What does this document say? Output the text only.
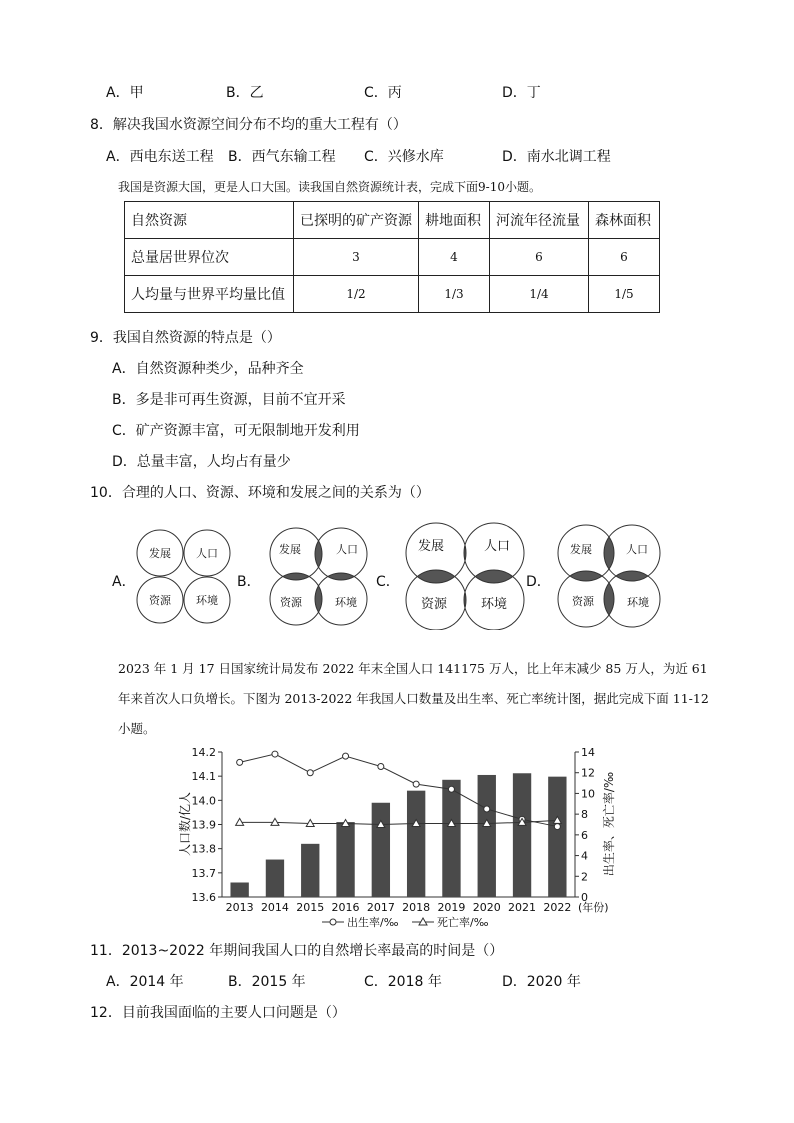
A．甲	B．乙	C．丙	D．丁
8．解决我国水资源空间分布不均的重大工程有（）
A．西电东送工程 B．西气东输工程 C．兴修水库	D．南水北调工程
我国是资源大国，更是人口大国。读我国自然资源统计表，完成下面9-10小题。
自然资源	已探明的矿产资源	耕地面积	河流年径流量	森林面积
总量居世界位次	3	4	6	6
人均量与世界平均量比值	1/2	1/3	1/4	1/5
9．我国自然资源的特点是（）
A．自然资源种类少，品种齐全
B．多是非可再生资源，目前不宜开采
C．矿产资源丰富，可无限制地开发利用
D．总量丰富，人均占有量少
10．合理的人口、资源、环境和发展之间的关系为（）
A．	B．	C．	D．
发展 人口
资源 环境
发展	人口
资源	环境
发展	人口
资源	环境
发展	人口
资源	环境
2023 年 1 月 17 日国家统计局发布 2022 年末全国人口 141175 万人，比上年末减少 85 万人，为近 61
年来首次人口负增长。下图为 2013-2022 年我国人口数量及出生率、死亡率统计图，据此完成下面 11-12
小题。
人口数/亿人	出生率、死亡率/‰
(年份)
出生率/‰	死亡率/‰
13.6
13.7
13.8
13.9
14.0
14.1
14.2
0
2
4
6
8
10
12
14
2013 2014 2015 2016 2017 2018 2019 2020 2021 2022
11．2013~2022 年期间我国人口的自然增长率最高的时间是（）
A．2014 年	B．2015 年	C．2018 年	D．2020 年
12．目前我国面临的主要人口问题是（）
